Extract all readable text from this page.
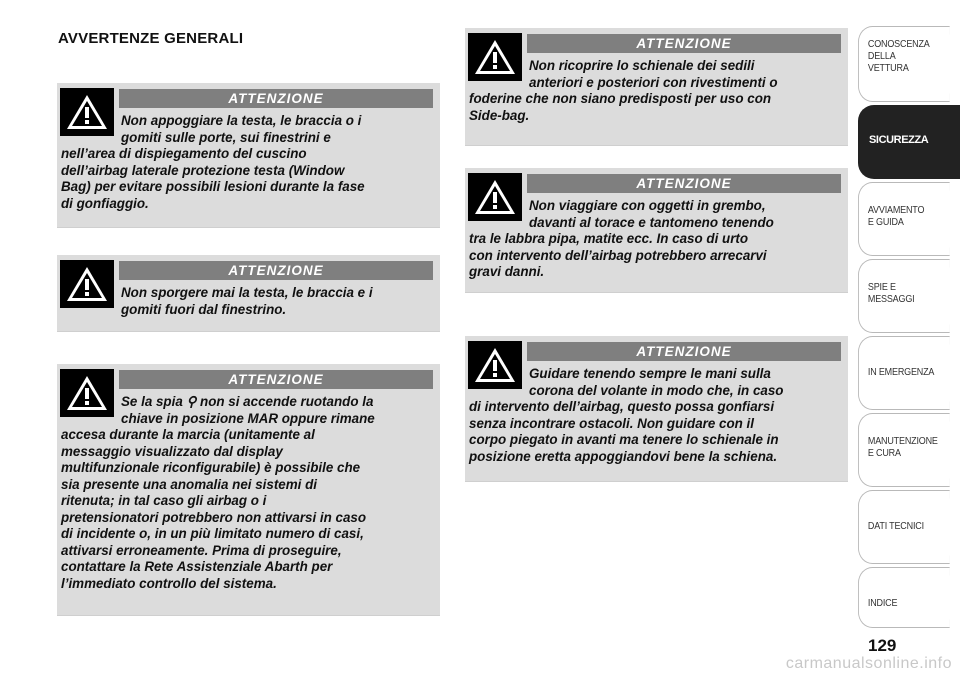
AVVERTENZE GENERALI
ATTENZIONE
Non appoggiare la testa, le braccia o i
gomiti sulle porte, sui finestrini e
nell’area di dispiegamento del cuscino
dell’airbag laterale protezione testa (Window
Bag) per evitare possibili lesioni durante la fase
di gonfiaggio.
ATTENZIONE
Non sporgere mai la testa, le braccia e i
gomiti fuori dal finestrino.
ATTENZIONE
Se la spia ⚲ non si accende ruotando la
chiave in posizione MAR oppure rimane
accesa durante la marcia (unitamente al
messaggio visualizzato dal display
multifunzionale riconfigurabile) è possibile che
sia presente una anomalia nei sistemi di
ritenuta; in tal caso gli airbag o i
pretensionatori potrebbero non attivarsi in caso
di incidente o, in un più limitato numero di casi,
attivarsi erroneamente. Prima di proseguire,
contattare la Rete Assistenziale Abarth per
l’immediato controllo del sistema.
ATTENZIONE
Non ricoprire lo schienale dei sedili
anteriori e posteriori con rivestimenti o
foderine che non siano predisposti per uso con
Side-bag.
ATTENZIONE
Non viaggiare con oggetti in grembo,
davanti al torace e tantomeno tenendo
tra le labbra pipa, matite ecc. In caso di urto
con intervento dell’airbag potrebbero arrecarvi
gravi danni.
ATTENZIONE
Guidare tenendo sempre le mani sulla
corona del volante in modo che, in caso
di intervento dell’airbag, questo possa gonfiarsi
senza incontrare ostacoli. Non guidare con il
corpo piegato in avanti ma tenere lo schienale in
posizione eretta appoggiandovi bene la schiena.
CONOSCENZA
DELLA
VETTURA
SICUREZZA
AVVIAMENTO
E GUIDA
SPIE E
MESSAGGI
IN EMERGENZA
MANUTENZIONE
E CURA
DATI TECNICI
INDICE
129
carmanualsonline.info
